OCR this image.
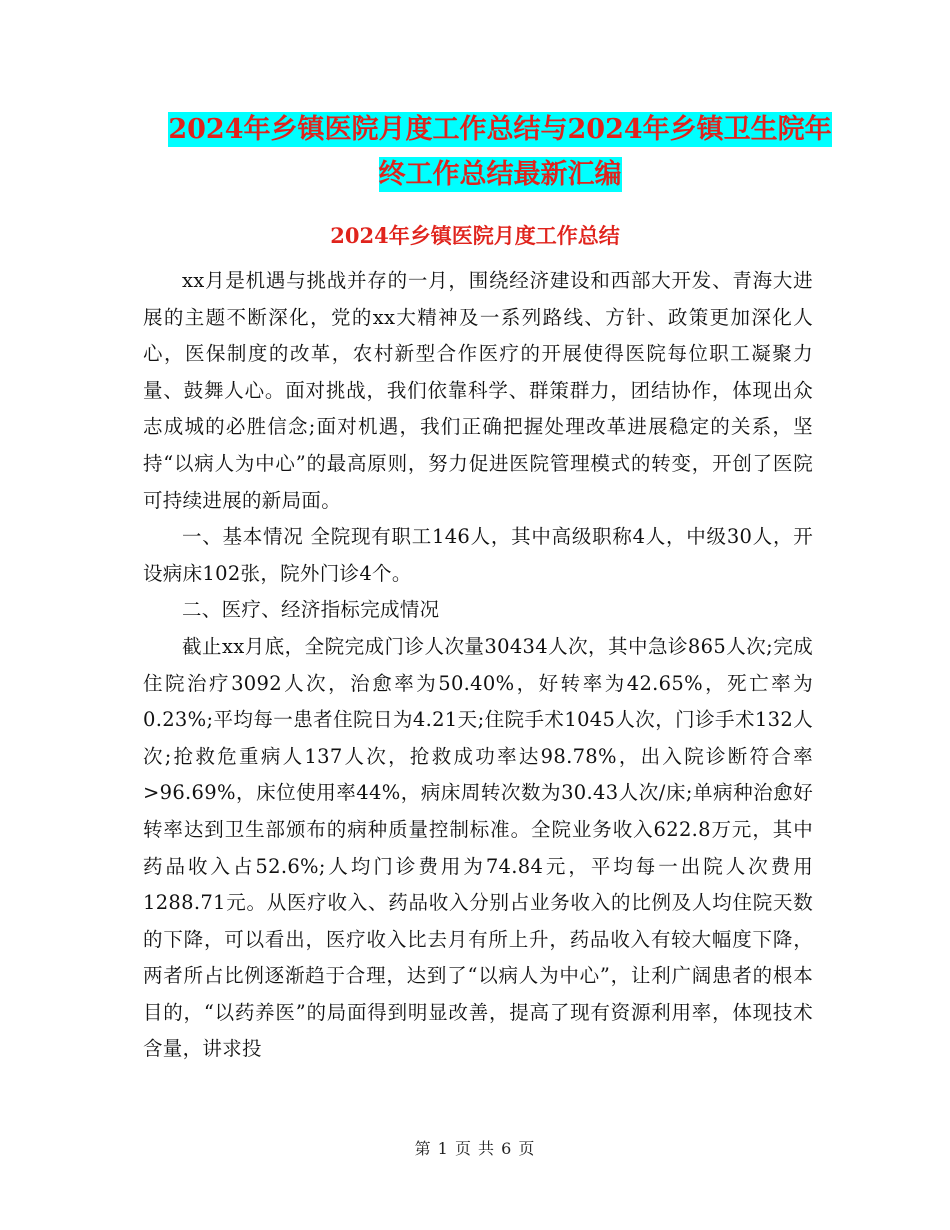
2024年乡镇医院月度工作总结与2024年乡镇卫生院年
终工作总结最新汇编
2024年乡镇医院月度工作总结

xx月是机遇与挑战并存的一月，围绕经济建设和西部大开发、青海大进展的主题不断深化，党的xx大精神及一系列路线、方针、政策更加深化人心，医保制度的改革，农村新型合作医疗的开展使得医院每位职工凝聚力量、鼓舞人心。面对挑战，我们依靠科学、群策群力，团结协作，体现出众志成城的必胜信念;面对机遇，我们正确把握处理改革进展稳定的关系，坚持“以病人为中心”的最高原则，努力促进医院管理模式的转变，开创了医院可持续进展的新局面。

一、基本情况 全院现有职工146人，其中高级职称4人，中级30人，开设病床102张，院外门诊4个。

二、医疗、经济指标完成情况

截止xx月底，全院完成门诊人次量30434人次，其中急诊865人次;完成住院治疗3092人次，治愈率为50.40%，好转率为42.65%，死亡率为0.23%;平均每一患者住院日为4.21天;住院手术1045人次，门诊手术132人次;抢救危重病人137人次，抢救成功率达98.78%，出入院诊断符合率>96.69%，床位使用率44%，病床周转次数为30.43人次/床;单病种治愈好转率达到卫生部颁布的病种质量控制标准。全院业务收入622.8万元，其中药品收入占52.6%;人均门诊费用为74.84元，平均每一出院人次费用1288.71元。从医疗收入、药品收入分别占业务收入的比例及人均住院天数的下降，可以看出，医疗收入比去月有所上升，药品收入有较大幅度下降，两者所占比例逐渐趋于合理，达到了“以病人为中心”，让利广阔患者的根本目的，“以药养医”的局面得到明显改善，提高了现有资源利用率，体现技术含量，讲求投

第 1 页 共 6 页
